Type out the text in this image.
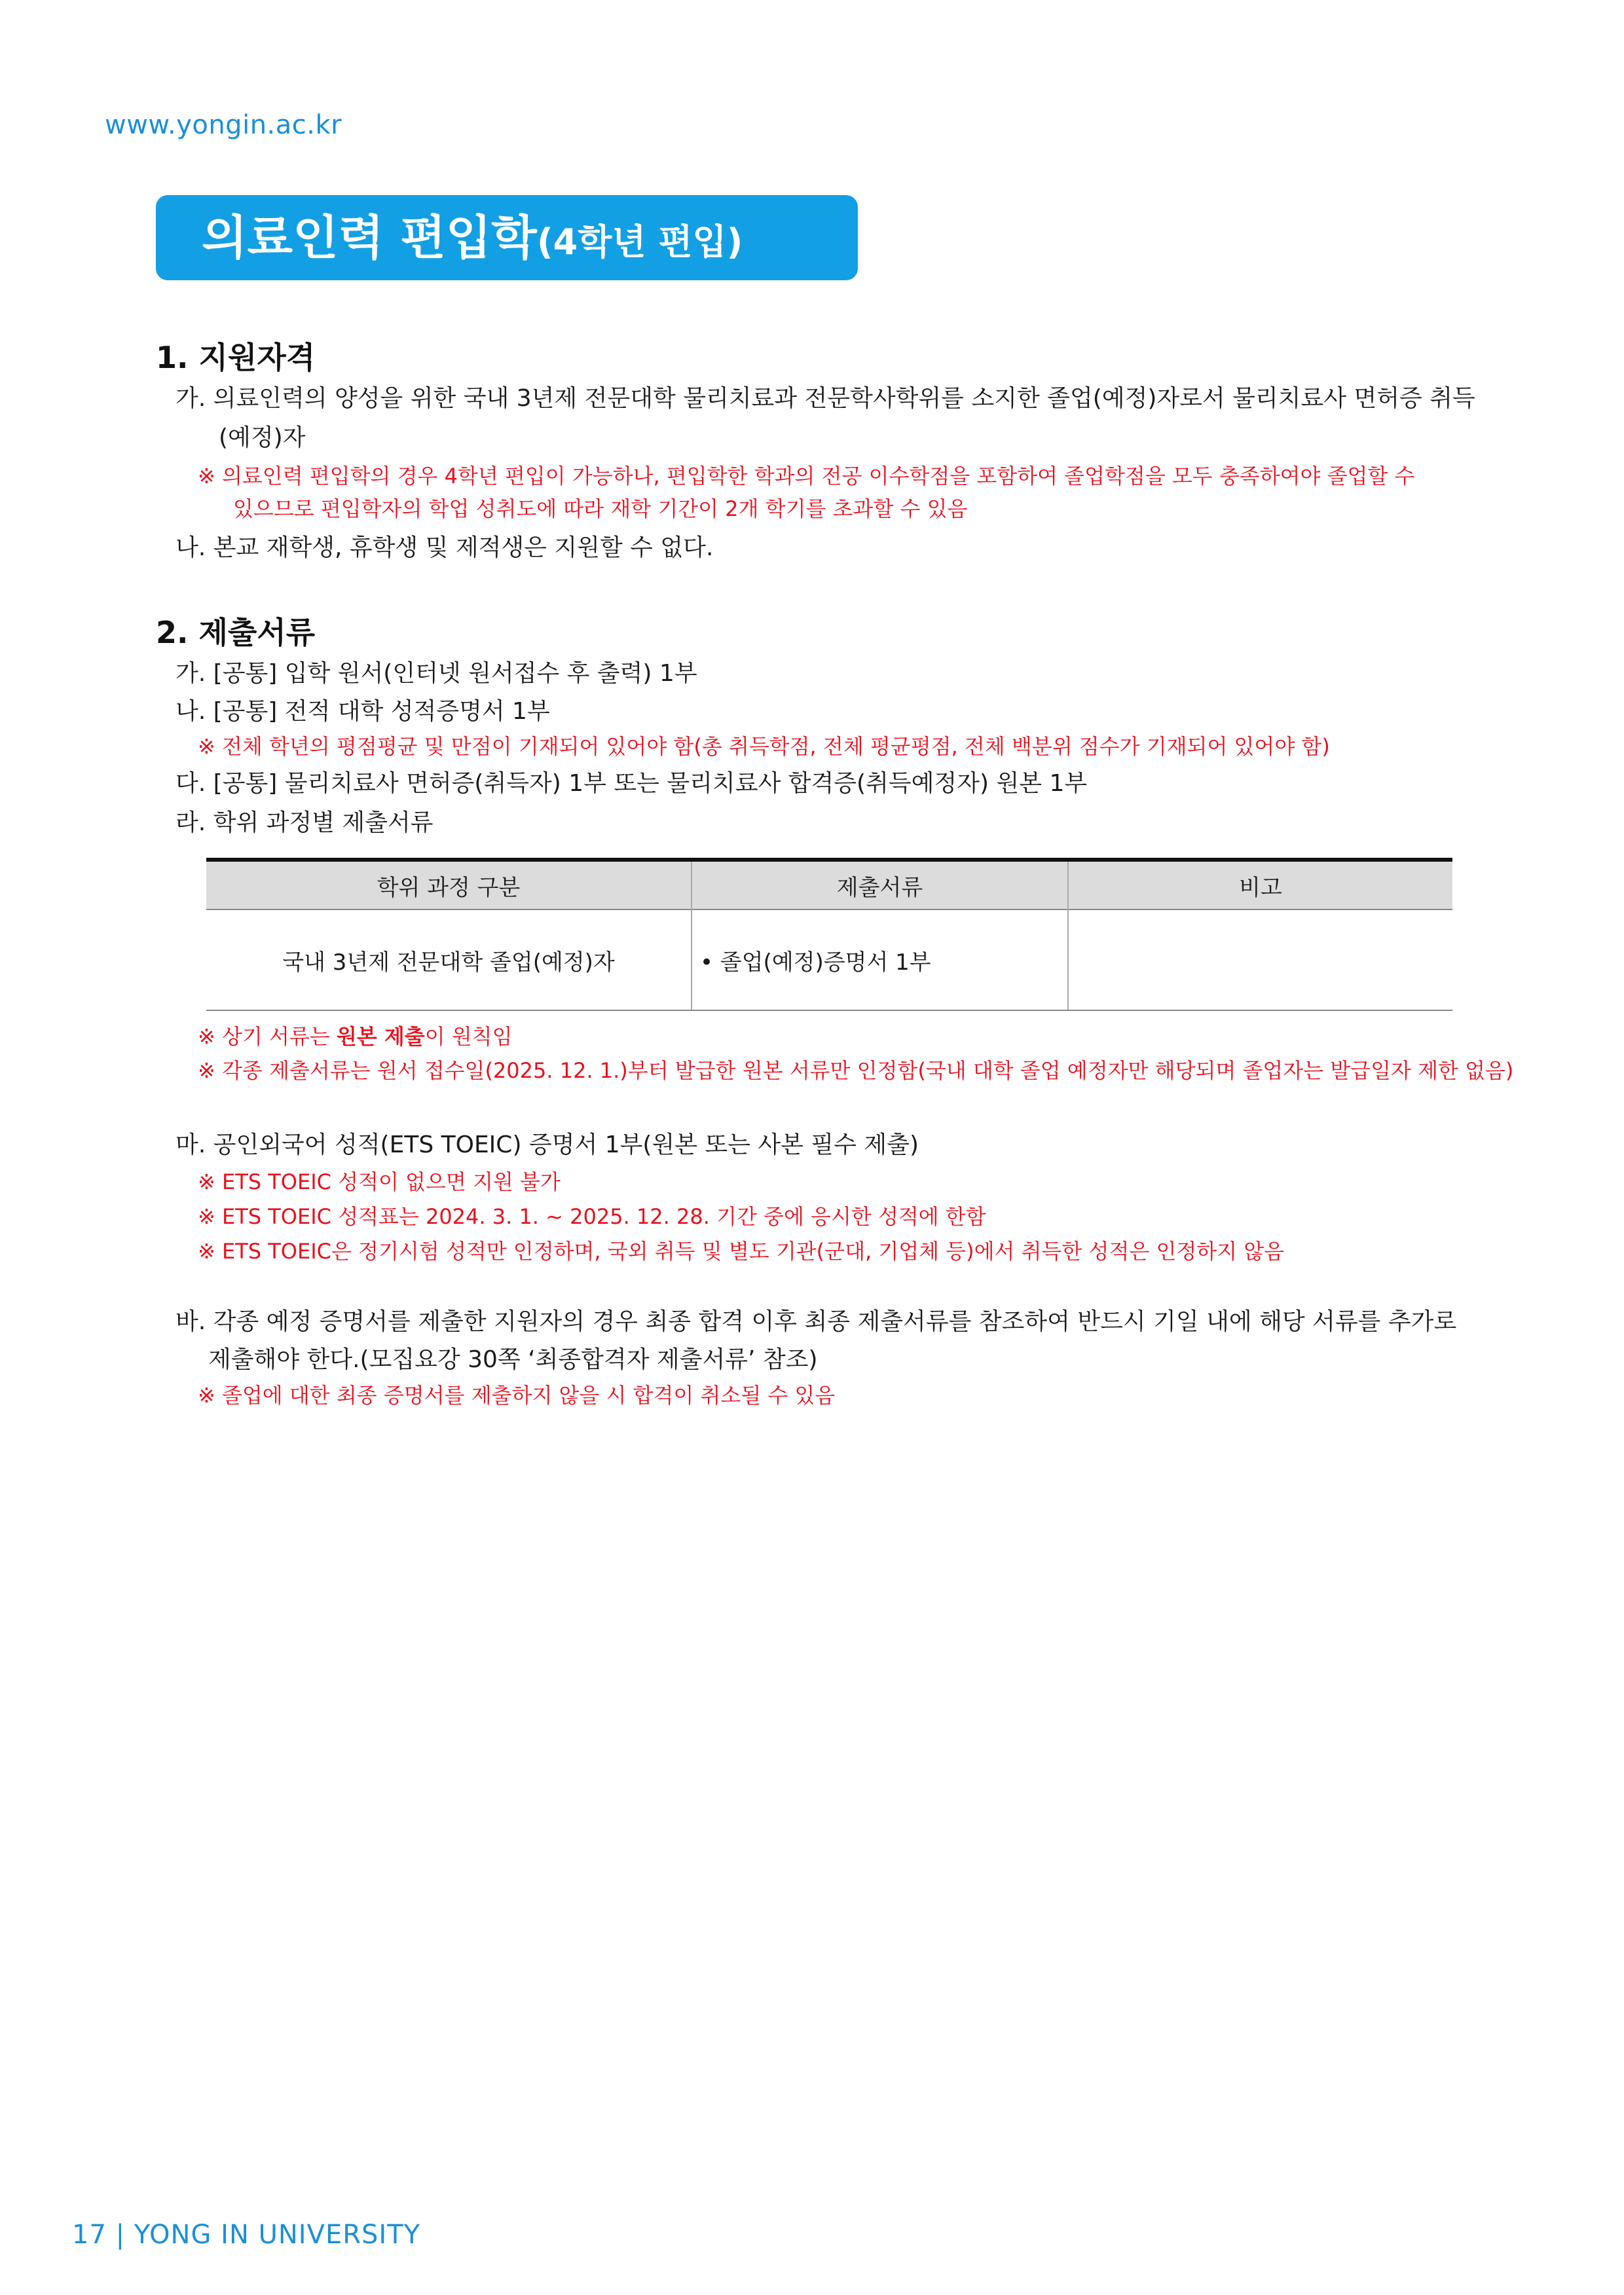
www.yongin.ac.kr
의료인력 편입학(4학년 편입)
1. 지원자격
가. 의료인력의 양성을 위한 국내 3년제 전문대학 물리치료과 전문학사학위를 소지한 졸업(예정)자로서 물리치료사 면허증 취득
(예정)자
※ 의료인력 편입학의 경우 4학년 편입이 가능하나, 편입학한 학과의 전공 이수학점을 포함하여 졸업학점을 모두 충족하여야 졸업할 수
있으므로 편입학자의 학업 성취도에 따라 재학 기간이 2개 학기를 초과할 수 있음
나. 본교 재학생, 휴학생 및 제적생은 지원할 수 없다.
2. 제출서류
가. [공통] 입학 원서(인터넷 원서접수 후 출력) 1부
나. [공통] 전적 대학 성적증명서 1부
※ 전체 학년의 평점평균 및 만점이 기재되어 있어야 함(총 취득학점, 전체 평균평점, 전체 백분위 점수가 기재되어 있어야 함)
다. [공통] 물리치료사 면허증(취득자) 1부 또는 물리치료사 합격증(취득예정자) 원본 1부
라. 학위 과정별 제출서류
학위 과정 구분	제출서류	비고
국내 3년제 전문대학 졸업(예정)자	• 졸업(예정)증명서 1부	
※ 상기 서류는 원본 제출이 원칙임
※ 각종 제출서류는 원서 접수일(2025. 12. 1.)부터 발급한 원본 서류만 인정함(국내 대학 졸업 예정자만 해당되며 졸업자는 발급일자 제한 없음)
마. 공인외국어 성적(ETS TOEIC) 증명서 1부(원본 또는 사본 필수 제출)
※ ETS TOEIC 성적이 없으면 지원 불가
※ ETS TOEIC 성적표는 2024. 3. 1. ~ 2025. 12. 28. 기간 중에 응시한 성적에 한함
※ ETS TOEIC은 정기시험 성적만 인정하며, 국외 취득 및 별도 기관(군대, 기업체 등)에서 취득한 성적은 인정하지 않음
바. 각종 예정 증명서를 제출한 지원자의 경우 최종 합격 이후 최종 제출서류를 참조하여 반드시 기일 내에 해당 서류를 추가로
제출해야 한다.(모집요강 30쪽 ‘최종합격자 제출서류’ 참조)
※ 졸업에 대한 최종 증명서를 제출하지 않을 시 합격이 취소될 수 있음
17 | YONG IN UNIVERSITY
